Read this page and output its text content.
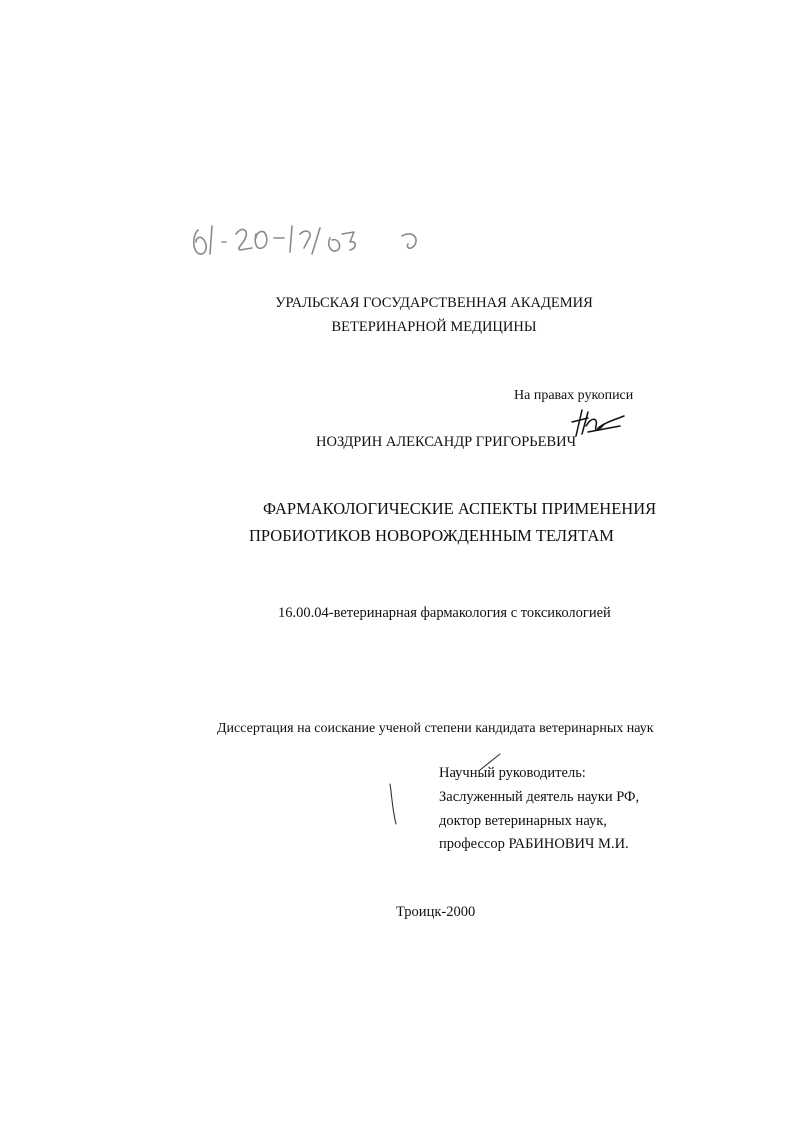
УРАЛЬСКАЯ ГОСУДАРСТВЕННАЯ АКАДЕМИЯ
ВЕТЕРИНАРНОЙ МЕДИЦИНЫ
На правах рукописи
НОЗДРИН АЛЕКСАНДР ГРИГОРЬЕВИЧ
ФАРМАКОЛОГИЧЕСКИЕ АСПЕКТЫ ПРИМЕНЕНИЯ
ПРОБИОТИКОВ НОВОРОЖДЕННЫМ ТЕЛЯТАМ
16.00.04-ветеринарная фармакология с токсикологией
Диссертация на соискание ученой степени кандидата ветеринарных наук
Научный руководитель:
Заслуженный деятель науки РФ,
доктор ветеринарных наук,
профессор РАБИНОВИЧ М.И.
Троицк-2000
